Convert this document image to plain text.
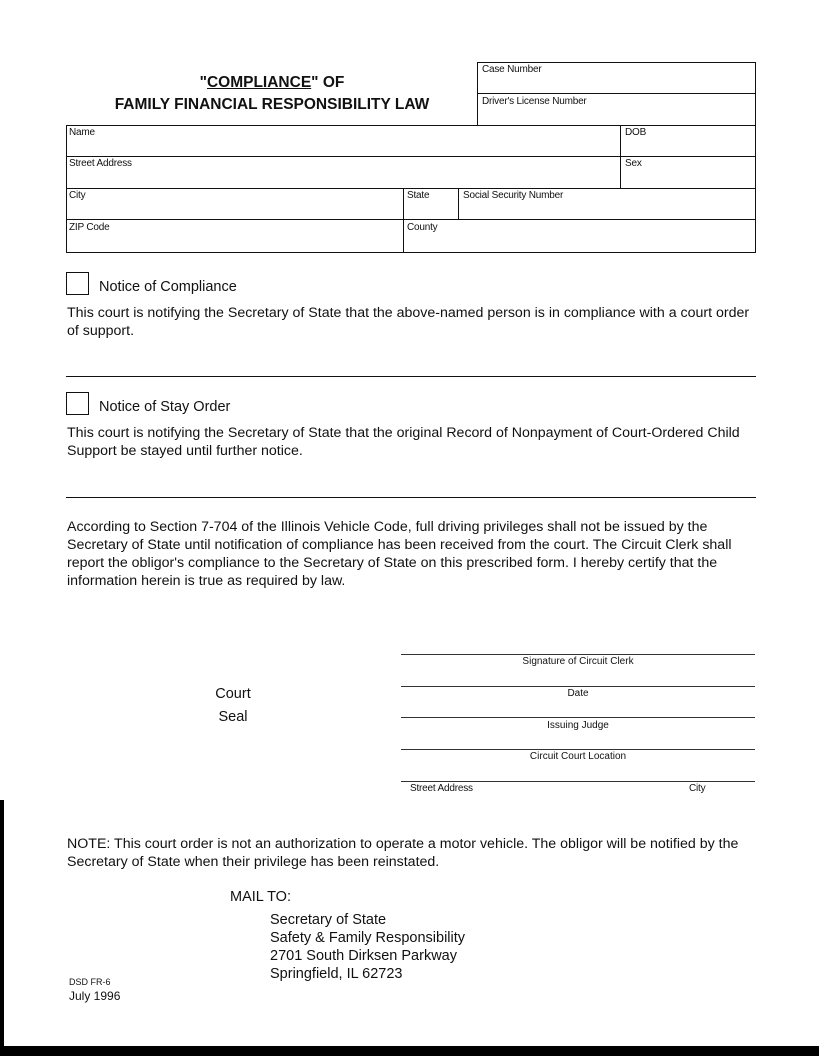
"COMPLIANCE" OF
FAMILY FINANCIAL RESPONSIBILITY LAW
Case Number
Driver's License Number
Name	DOB
Street Address	Sex
City	State	Social Security Number
ZIP Code	County
Notice of Compliance
This court is notifying the Secretary of State that the above-named person is in compliance with a court order of support.
Notice of Stay Order
This court is notifying the Secretary of State that the original Record of Nonpayment of Court-Ordered Child Support be stayed until further notice.
According to Section 7-704 of the Illinois Vehicle Code, full driving privileges shall not be issued by the Secretary of State until notification of compliance has been received from the court. The Circuit Clerk shall report the obligor's compliance to the Secretary of State on this prescribed form. I hereby certify that the information herein is true as required by law.
Court
Seal
Signature of Circuit Clerk
Date
Issuing Judge
Circuit Court Location
Street Address	City
NOTE: This court order is not an authorization to operate a motor vehicle. The obligor will be notified by the Secretary of State when their privilege has been reinstated.
MAIL TO:
Secretary of State
Safety & Family Responsibility
2701 South Dirksen Parkway
Springfield, IL 62723
DSD FR-6
July 1996
